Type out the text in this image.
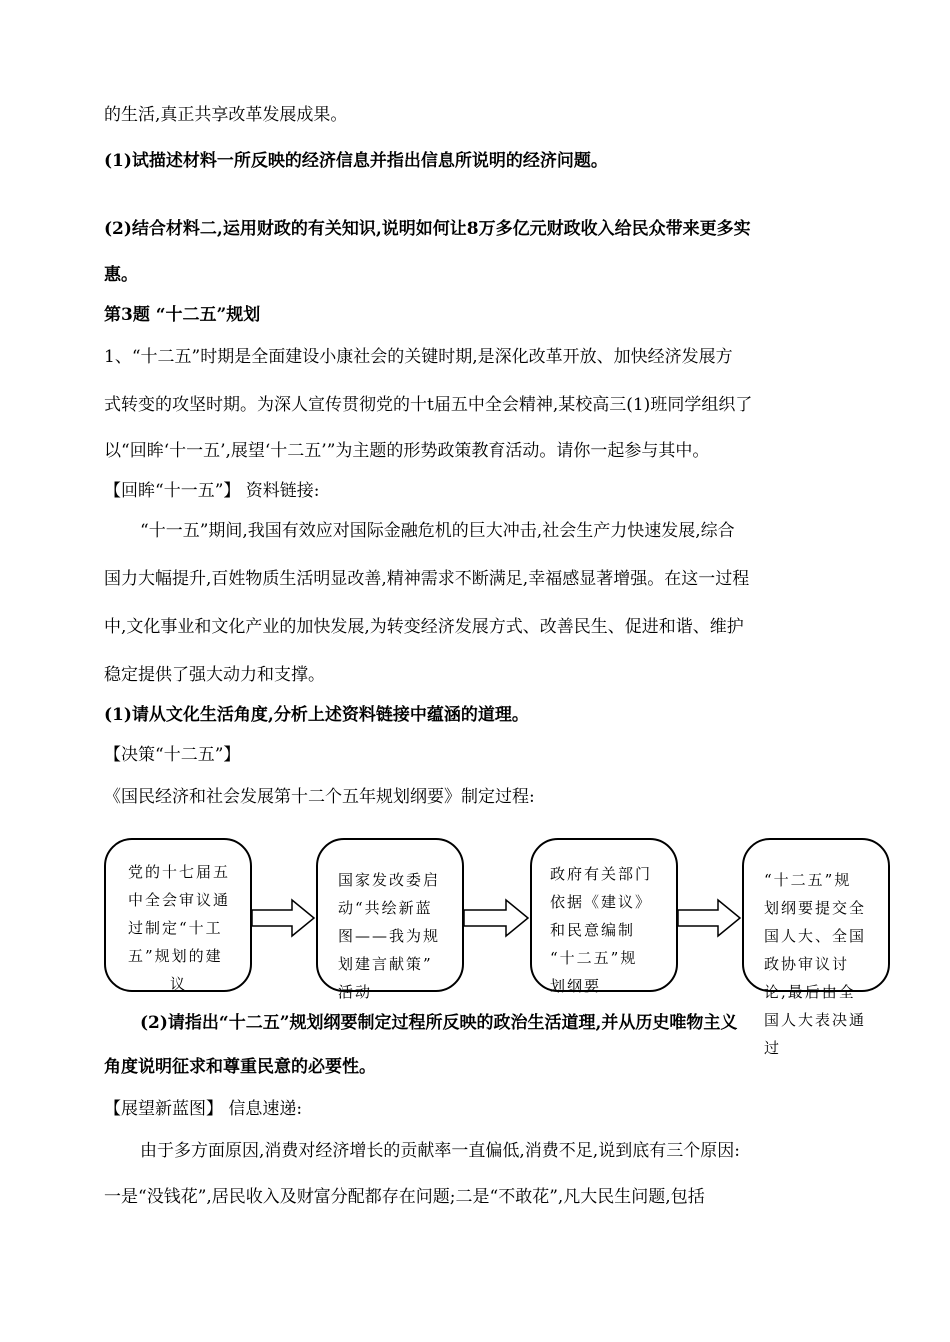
的生活,真正共享改革发展成果。
(1)试描述材料一所反映的经济信息并指出信息所说明的经济问题。
(2)结合材料二,运用财政的有关知识,说明如何让8万多亿元财政收入给民众带来更多实
惠。
第3题 “十二五”规划
1、“十二五”时期是全面建设小康社会的关键时期,是深化改革开放、加快经济发展方
式转变的攻坚时期。为深人宣传贯彻党的十t届五中全会精神,某校高三(1)班同学组织了
以“回眸‘十一五’,展望‘十二五’”为主题的形势政策教育活动。请你一起参与其中。
【回眸“十一五”】 资料链接:
“十一五”期间,我国有效应对国际金融危机的巨大冲击,社会生产力快速发展,综合
国力大幅提升,百姓物质生活明显改善,精神需求不断满足,幸福感显著增强。在这一过程
中,文化事业和文化产业的加快发展,为转变经济发展方式、改善民生、促进和谐、维护
稳定提供了强大动力和支撑。
(1)请从文化生活角度,分析上述资料链接中蕴涵的道理。
【决策“十二五”】
《国民经济和社会发展第十二个五年规划纲要》制定过程:
党的十七届五
中全会审议通
过制定“十工
五”规划的建
议
国家发改委启
动“共绘新蓝
图——我为规
划建言献策”
活动
政府有关部门
依据《建议》
和民意编制
“十二五”规
划纲要
“十二五”规
划纲要提交全
国人大、全国
政协审议讨
论,最后由全
国人大表决通
过
(2)请指出“十二五”规划纲要制定过程所反映的政治生活道理,并从历史唯物主义
角度说明征求和尊重民意的必要性。
【展望新蓝图】 信息速递:
由于多方面原因,消费对经济增长的贡献率一直偏低,消费不足,说到底有三个原因:
一是“没钱花”,居民收入及财富分配都存在问题;二是“不敢花”,凡大民生问题,包括
